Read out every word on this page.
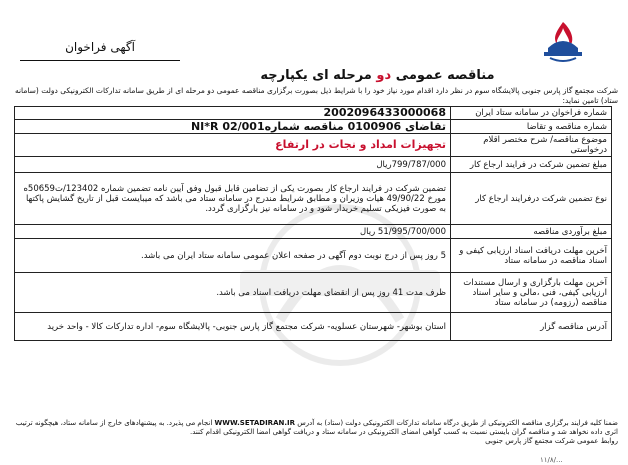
آگهی فراخوان
مناقصه عمومی دو مرحله ای یکپارچه
شرکت مجتمع گاز پارس جنوبی پالایشگاه سوم در نظر دارد اقدام مورد نیاز خود را با شرایط ذیل بصورت برگزاری مناقصه عمومی دو مرحله ای از طریق سامانه تدارکات الکترونیکی دولت (سامانه ستاد) تامین نماید:
شماره فراخوان در سامانه ستاد ایران	2002096433000068
شماره مناقصه و تقاضا	تقاضای 0100906 مناقصه شماره02/001 NI*R
موضوع مناقصه/ شرح مختصر اقلام درخواستی	تجهیزات امداد و نجات در ارتفاع
مبلغ تضمین شرکت در فرایند ارجاع کار	799/787/000ریال
نوع تضمین شرکت درفرایند ارجاع کار	تضمین شرکت در فرایند ارجاع کار بصورت یکی از تضامین قابل قبول وفق آیین نامه تضمین شماره 123402/ت50659ه مورخ 49/90/22 هیات وزیران و مطابق شرایط مندرج در سامانه ستاد می باشد که میبایست قبل از تاریخ گشایش پاکتها به صورت فیزیکی تسلیم خریدار شود و در سامانه نیز بارگزاری گردد.
مبلغ برآوردی مناقصه	51/995/700/000 ریال
آخرین مهلت دریافت اسناد ارزیابی کیفی و اسناد مناقصه در سامانه ستاد	5 روز پس از درج نوبت دوم آگهی در صفحه اعلان عمومی سامانه ستاد ایران می باشد.
آخرین مهلت بارگزاری و ارسال مستندات ارزیابی کیفی، فنی ،مالی و سایر اسناد مناقصه (رزومه) در سامانه ستاد	ظرف مدت 41 روز پس از انقضای مهلت دریافت اسناد می باشد.
آدرس مناقصه گزار	استان بوشهر- شهرستان عسلویه- شرکت مجتمع گاز پارس جنوبی- پالایشگاه سوم- اداره تدارکات کالا - واحد خرید
ضمنا کلیه فرایند برگزاری مناقصه الکترونیکی از طریق درگاه سامانه تدارکات الکترونیکی دولت (ستاد) به آدرس WWW.SETADIRAN.IR انجام می پذیرد. به پیشنهادهای خارج از سامانه ستاد، هیچگونه ترتیب اثری داده نخواهد شد و مناقصه گران بایستی نسبت به کسب گواهی امضای الکترونیکی در سامانه ستاد و دریافت گواهی امضا الکترونیکی اقدام کنند.
روابط عمومی شرکت مجتمع گاز پارس جنوبی
۱۱/۸/...
